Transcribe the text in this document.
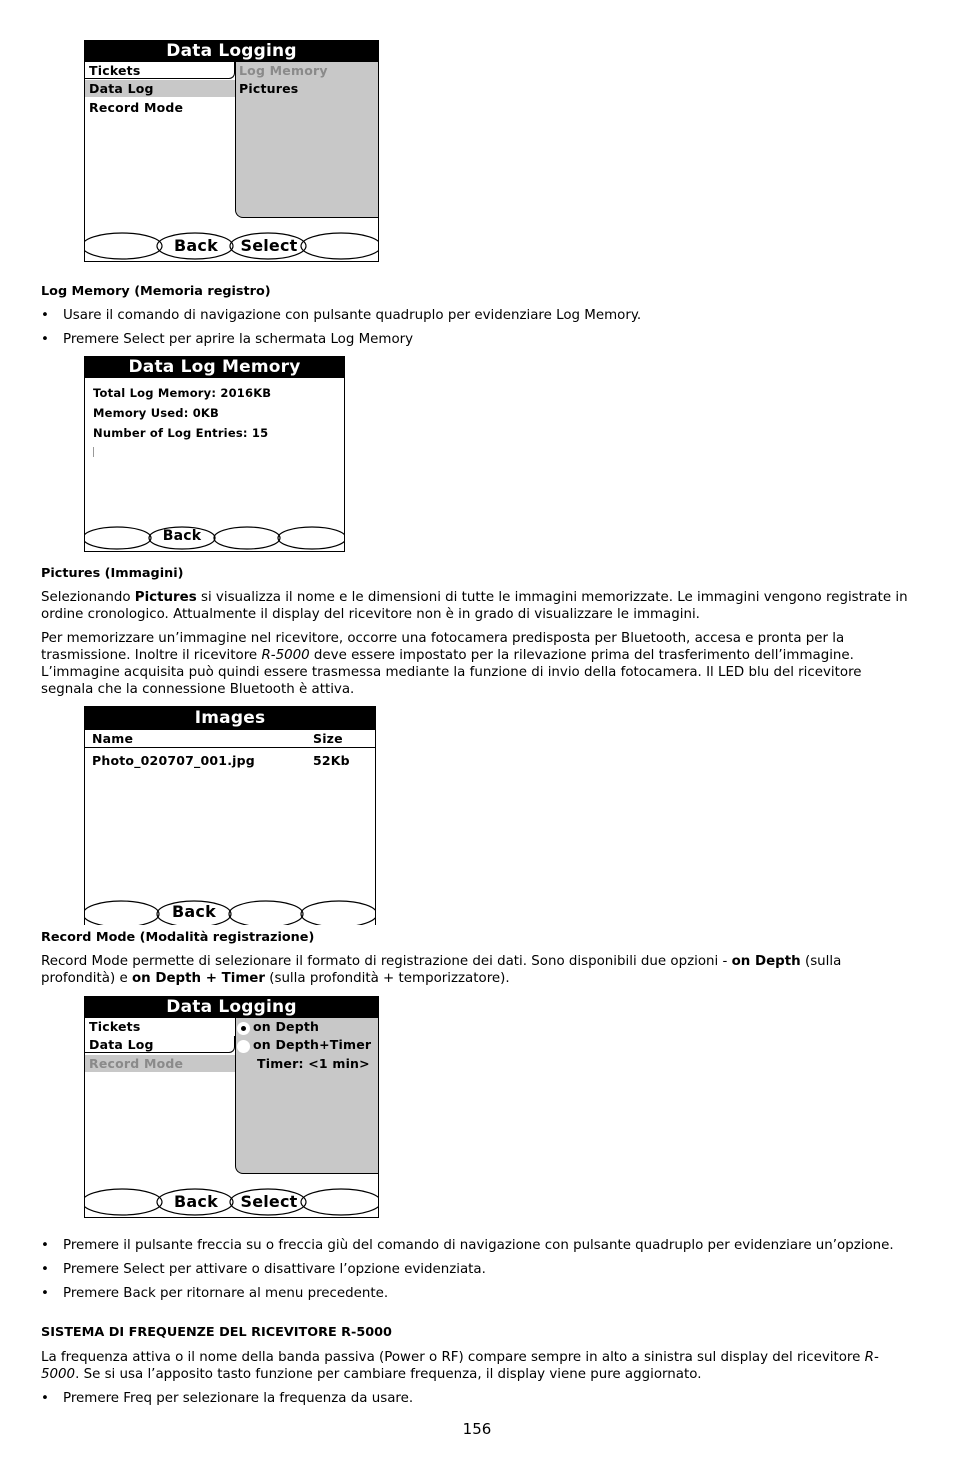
Data Logging
Tickets
Data Log
Record Mode
Log Memory
Pictures
Back	Select
Log Memory (Memoria registro)
• Usare il comando di navigazione con pulsante quadruplo per evidenziare Log Memory.
• Premere Select per aprire la schermata Log Memory
Data Log Memory
Total Log Memory: 2016KB
Memory Used: 0KB
Number of Log Entries: 15
Back
Pictures (Immagini)
Selezionando Pictures si visualizza il nome e le dimensioni di tutte le immagini memorizzate. Le immagini vengono registrate in ordine cronologico. Attualmente il display del ricevitore non è in grado di visualizzare le immagini.
Per memorizzare un’immagine nel ricevitore, occorre una fotocamera predisposta per Bluetooth, accesa e pronta per la trasmissione. Inoltre il ricevitore R-5000 deve essere impostato per la rilevazione prima del trasferimento dell’immagine. L’immagine acquisita può quindi essere trasmessa mediante la funzione di invio della fotocamera. Il LED blu del ricevitore segnala che la connessione Bluetooth è attiva.
Images
Name	Size
Photo_020707_001.jpg	52Kb
Back
Record Mode (Modalità registrazione)
Record Mode permette di selezionare il formato di registrazione dei dati. Sono disponibili due opzioni - on Depth (sulla profondità) e on Depth + Timer (sulla profondità + temporizzatore).
Data Logging
Tickets
Data Log
Record Mode
on Depth
on Depth+Timer
Timer: <1 min>
Back	Select
• Premere il pulsante freccia su o freccia giù del comando di navigazione con pulsante quadruplo per evidenziare un’opzione.
• Premere Select per attivare o disattivare l’opzione evidenziata.
• Premere Back per ritornare al menu precedente.
SISTEMA DI FREQUENZE DEL RICEVITORE R-5000
La frequenza attiva o il nome della banda passiva (Power o RF) compare sempre in alto a sinistra sul display del ricevitore R-5000. Se si usa l’apposito tasto funzione per cambiare frequenza, il display viene pure aggiornato.
• Premere Freq per selezionare la frequenza da usare.
156
